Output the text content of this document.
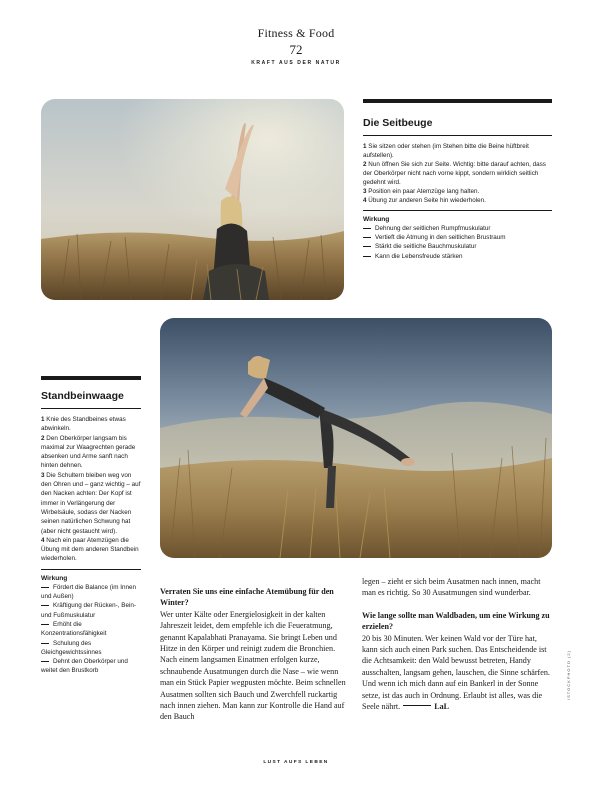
Fitness & Food
72
KRAFT AUS DER NATUR
Die Seitbeuge
1 Sie sitzen oder stehen (im Stehen bitte die Beine hüftbreit aufstellen).
2 Nun öffnen Sie sich zur Seite. Wichtig: bitte darauf achten, dass der Oberkörper nicht nach vorne kippt, sondern wirklich seitlich gedehnt wird.
3 Position ein paar Atemzüge lang halten.
4 Übung zur anderen Seite hin wiederholen.
Wirkung
Dehnung der seitlichen Rumpfmuskulatur
Vertieft die Atmung in den seitlichen Brustraum
Stärkt die seitliche Bauchmuskulatur
Kann die Lebensfreude stärken
Standbeinwaage
1 Knie des Standbeines etwas abwinkeln.
2 Den Oberkörper langsam bis maximal zur Waagrechten gerade absenken und Arme sanft nach hinten dehnen.
3 Die Schultern bleiben weg von den Ohren und – ganz wichtig – auf den Nacken achten: Der Kopf ist immer in Verlängerung der Wirbelsäule, sodass der Nacken seinen natürlichen Schwung hat (aber nicht gestaucht wird).
4 Nach ein paar Atemzügen die Übung mit dem anderen Standbein wiederholen.
Wirkung
Fördert die Balance (im Innen und Außen)
Kräftigung der Rücken-, Bein- und Fußmuskulatur
Erhöht die Konzentrationsfähigkeit
Schulung des Gleichgewichtssinnes
Dehnt den Oberkörper und weitet den Brustkorb

Verraten Sie uns eine einfache Atemübung für den Winter?

Wer unter Kälte oder Energielosigkeit in der kalten Jahreszeit leidet, dem empfehle ich die Feueratmung, genannt Kapalabhati Pranayama. Sie bringt Leben und Hitze in den Körper und reinigt zudem die Bronchien. Nach einem langsamen Einatmen erfolgen kurze, schnaubende Ausatmungen durch die Nase – wie wenn man ein Stück Papier wegpusten möchte. Beim schnellen Ausatmen sollten sich Bauch und Zwerchfell ruckartig nach innen ziehen. Man kann zur Kontrolle die Hand auf den Bauch

legen – zieht er sich beim Ausatmen nach innen, macht man es richtig. So 30 Ausatmungen sind wunderbar.

Wie lange sollte man Waldbaden, um eine Wirkung zu erzielen?

20 bis 30 Minuten. Wer keinen Wald vor der Türe hat, kann sich auch einen Park suchen. Das Entscheidende ist die Achtsamkeit: den Wald bewusst betreten, Handy ausschalten, langsam gehen, lauschen, die Sinne schärfen. Und wenn ich mich dann auf ein Bankerl in der Sonne setze, ist das auch in Ordnung. Erlaubt ist alles, was die Seele nährt.	LaL

ISTOCKPHOTO (2)
LUST AUFS LEBEN
